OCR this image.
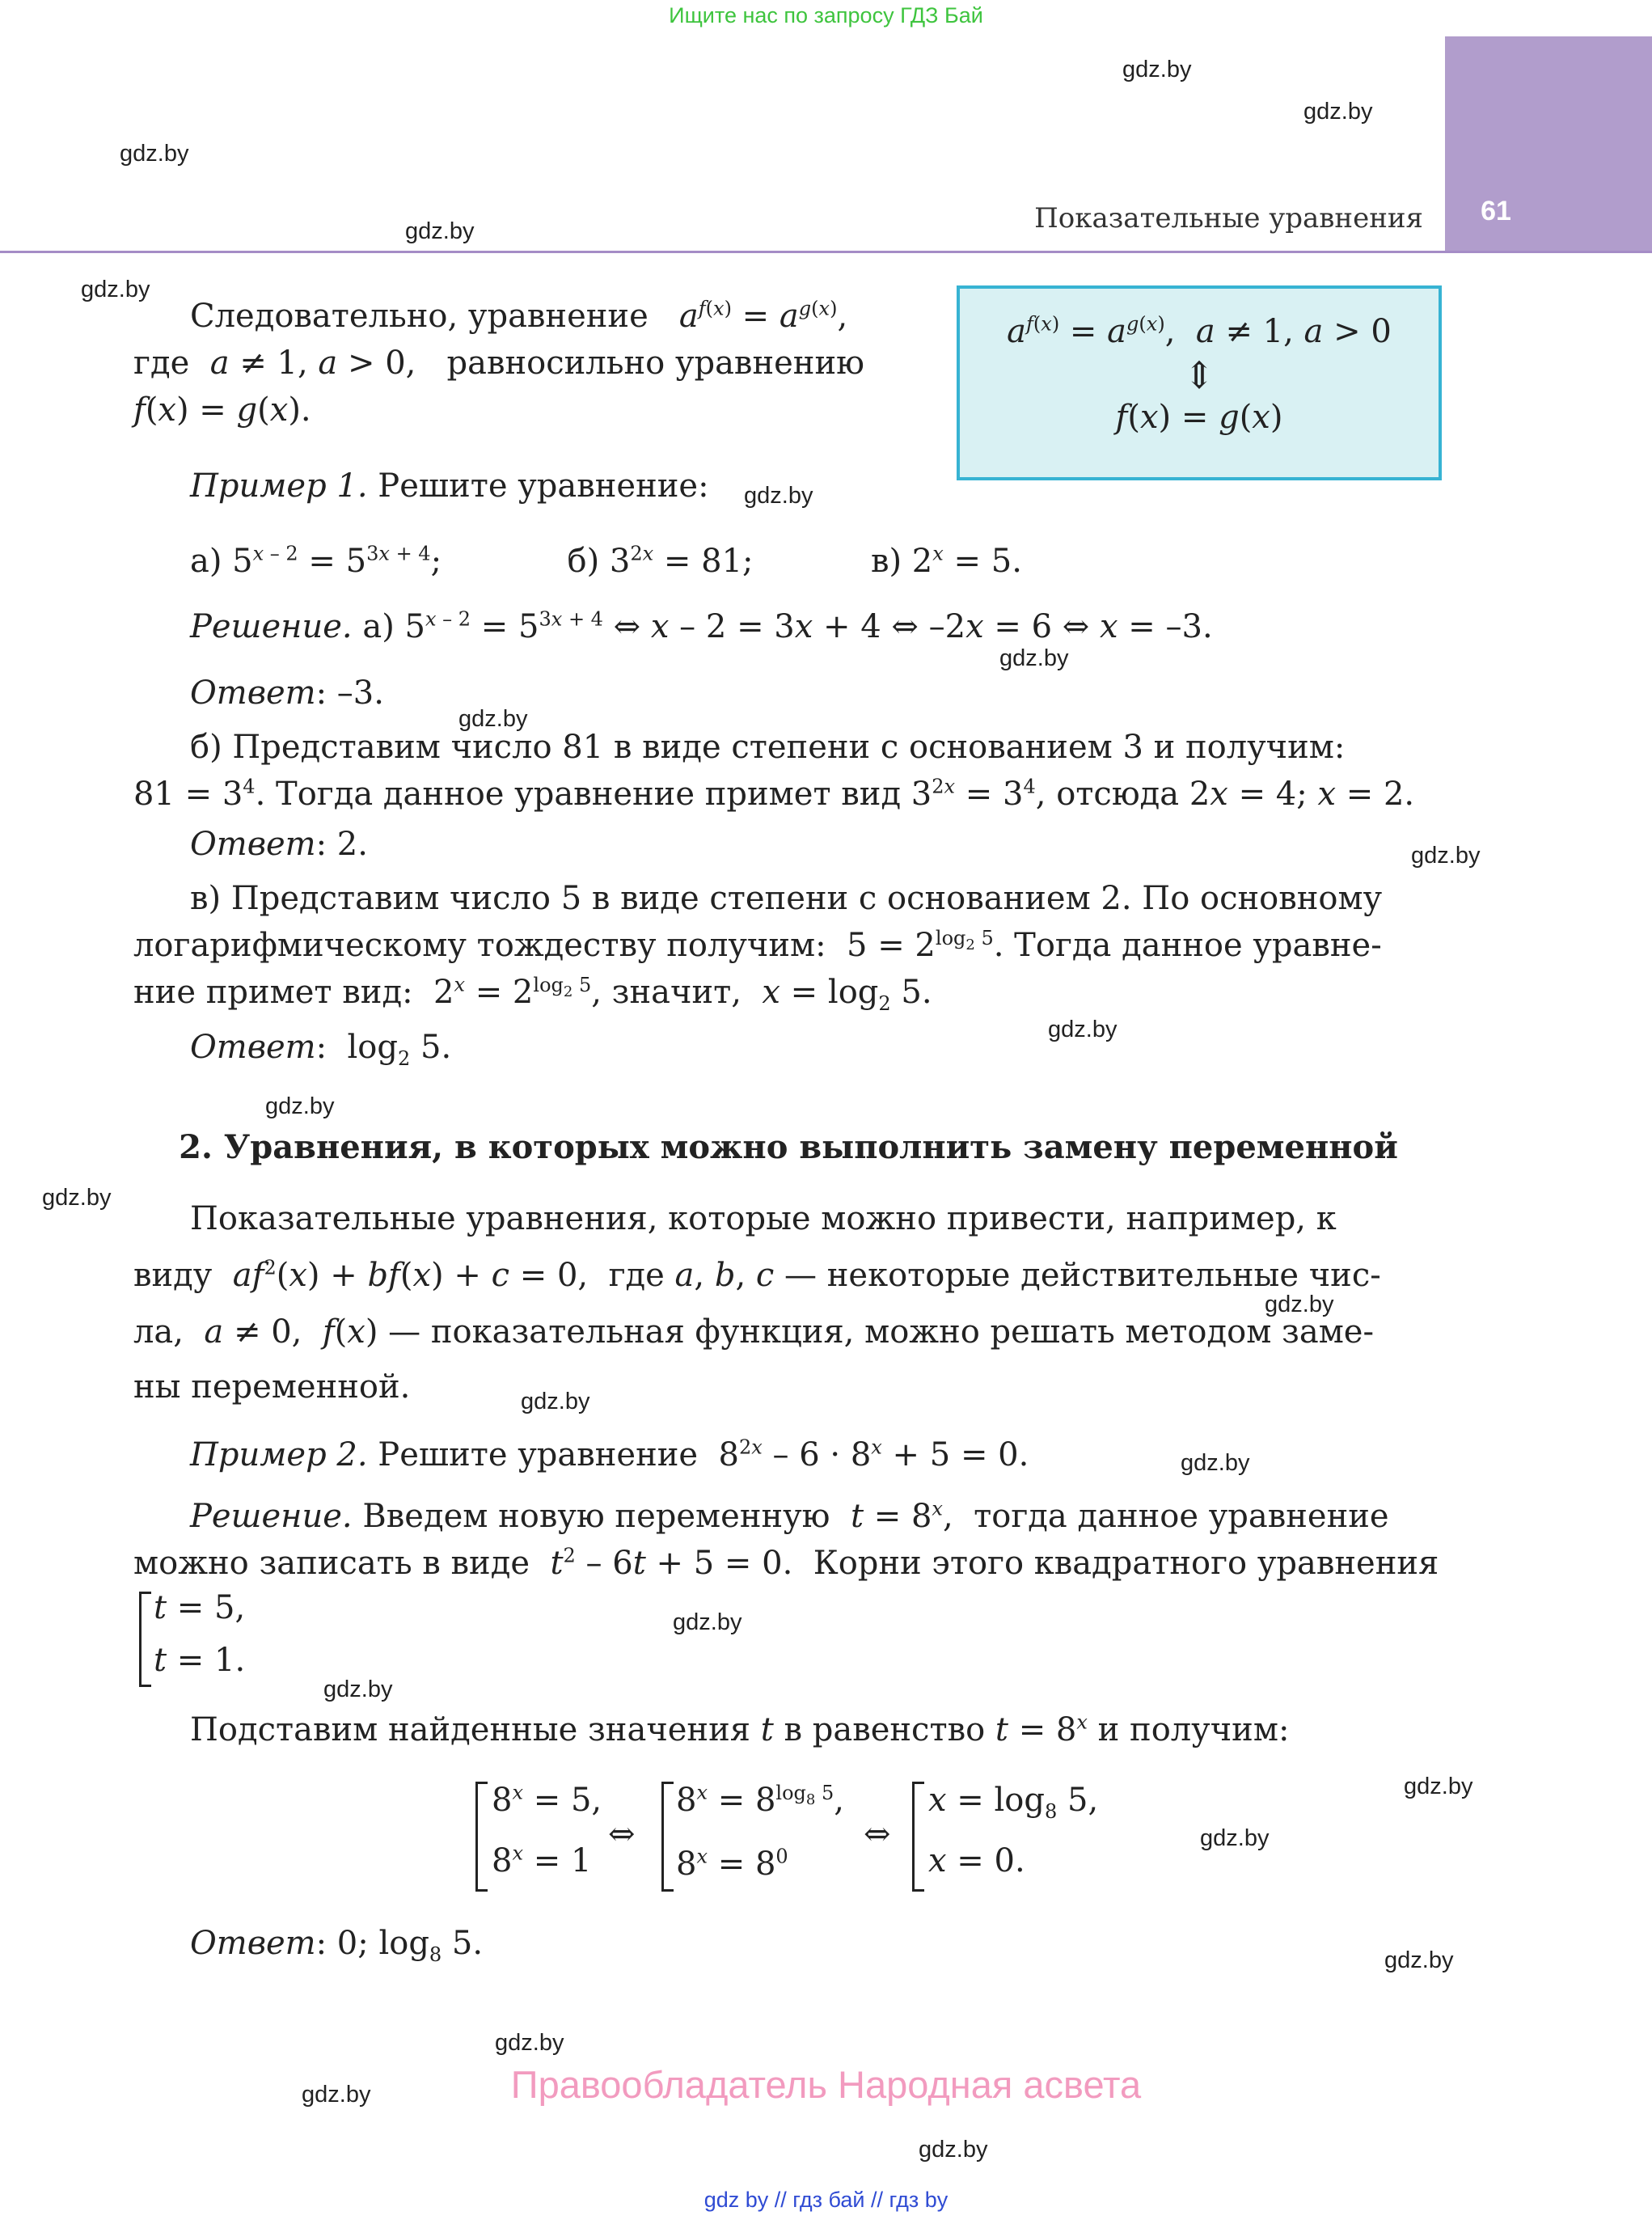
Ищите нас по запросу ГДЗ Бай
61
Показательные уравнения
gdz.by
gdz.by
gdz.by
gdz.by
gdz.by
gdz.by
gdz.by
gdz.by
gdz.by
gdz.by
gdz.by
gdz.by
gdz.by
gdz.by
gdz.by
gdz.by
gdz.by
gdz.by
gdz.by
gdz.by
gdz.by
gdz.by
gdz.by
$a^{f(x)} = a^{g(x)}$,  a ≠ 1, a > 0
⇕
f(x) = g(x)
Следовательно, уравнение $a^{f(x)} = a^{g(x)}$,
где a ≠ 1, a > 0,   равносильно уравнению
f(x) = g(x).
Пример 1. Решите уравнение:
а) 5$^x$ $^{- 2} = 5^{3x}$ $^{+ 4}$;	б) $3^{2x} = 81$;	в) $2^x = 5$.
Решение. а) 5$^x$ $^{- 2} = 5^{3x}$ $^{+ 4}$ ⇔ x – 2 = 3x + 4 ⇔ –2x = 6 ⇔ x = –3.
Ответ: –3.
б) Представим число 81 в виде степени с основанием 3 и получим:
$81 = 3^4$. Тогда данное уравнение примет вид $3^{2x} = 3^4$, отсюда 2x = 4; x = 2.
Ответ: 2.
в) Представим число 5 в виде степени с основанием 2. По основному
логарифмическому тождеству получим:  $5 = 2^{log_2 5}$. Тогда данное уравне-
ние примет вид:  $2^x = 2^{log_2 5}$, значит, $x = \log_2 5$.
Ответ:  $\log_2 5$.
2. Уравнения, в которых можно выполнить замену переменной
Показательные уравнения, которые можно привести, например, к
виду $af^2(x) + bf(x) + c = 0$,  где a, b, c — некоторые действительные чис-
ла, a ≠ 0,  f(x) — показательная функция, можно решать методом заме-
ны переменной.
Пример 2. Решите уравнение  $8^{2x} - 6 \cdot 8^x + 5 = 0$.
Решение. Введем новую переменную $t = 8^x$,  тогда данное уравнение
можно записать в виде $t^2 - 6t + 5 = 0$.  Корни этого квадратного уравнения
t = 5,
t = 1.
Подставим найденные значения t в равенство $t = 8^x$ и получим:
$8^x = 5$,
$8^x = 1$
⇔
$8^x = 8^{log_8 5}$,
$8^x = 8^0$
⇔
$x = \log_8 5$,
x = 0.
Ответ: 0; $\log_8 5$.
Правообладатель Народная асвета
gdz by // гдз бай // гдз by
